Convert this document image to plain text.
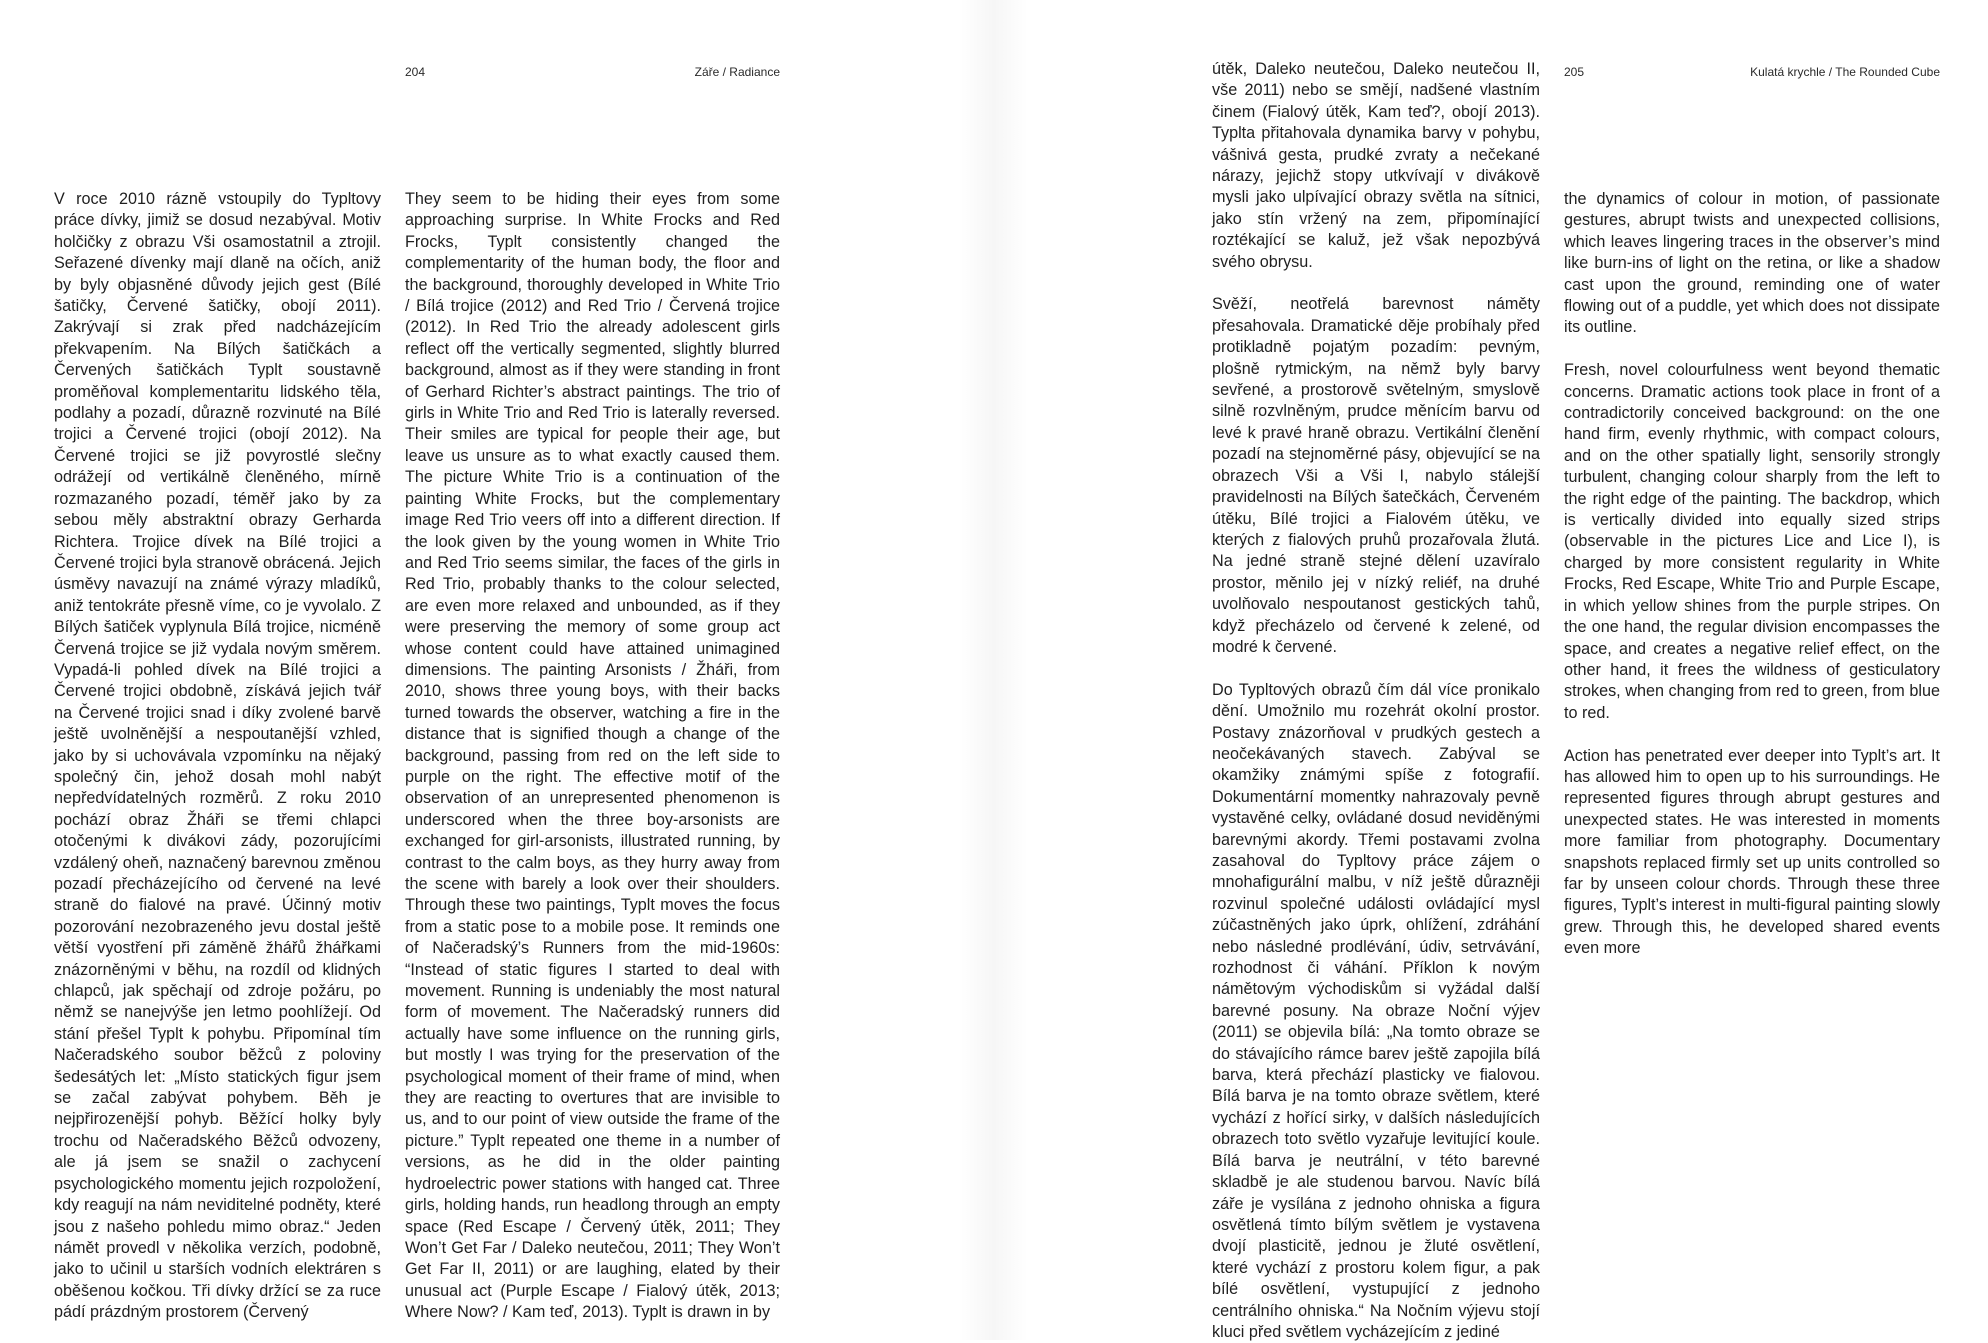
204	Záře / Radiance

V roce 2010 rázně vstoupily do Typltovy práce dívky, jimiž se dosud nezabýval. Motiv holčičky z obrazu Vši osamostatnil a ztrojil. Seřazené dívenky mají dlaně na očích, aniž by byly objasněné důvody jejich gest (Bílé šatičky, Červené šatičky, obojí 2011). Zakrývají si zrak před nadcházejícím překvapením. Na Bílých šatičkách a Červených šatičkách Typlt soustavně proměňoval komplementaritu lidského těla, podlahy a pozadí, důrazně rozvinuté na Bílé trojici a Červené trojici (obojí 2012). Na Červené trojici se již povyrostlé slečny odrážejí od vertikálně členěného, mírně rozmazaného pozadí, téměř jako by za sebou měly abstraktní obrazy Gerharda Richtera. Trojice dívek na Bílé trojici a Červené trojici byla stranově obrácená. Jejich úsměvy navazují na známé výrazy mladíků, aniž tentokráte přesně víme, co je vyvolalo. Z Bílých šatiček vyplynula Bílá trojice, nicméně Červená trojice se již vydala novým směrem. Vypadá-li pohled dívek na Bílé trojici a Červené trojici obdobně, získává jejich tvář na Červené trojici snad i díky zvolené barvě ještě uvolněnější a nespoutanější vzhled, jako by si uchovávala vzpomínku na nějaký společný čin, jehož dosah mohl nabýt nepředvídatelných rozměrů. Z roku 2010 pochází obraz Žháři se třemi chlapci otočenými k divákovi zády, pozorujícími vzdálený oheň, naznačený barevnou změnou pozadí přecházejícího od červené na levé straně do fialové na pravé. Účinný motiv pozorování nezobrazeného jevu dostal ještě větší vyostření při záměně žhářů žhářkami znázorněnými v běhu, na rozdíl od klidných chlapců, jak spěchají od zdroje požáru, po němž se nanejvýše jen letmo poohlížejí. Od stání přešel Typlt k pohybu. Připomínal tím Načeradského soubor běžců z poloviny šedesátých let: „Místo statických figur jsem se začal zabývat pohybem. Běh je nejpřirozenější pohyb. Běžící holky byly trochu od Načeradského Běžců odvozeny, ale já jsem se snažil o zachycení psychologického momentu jejich rozpoložení, kdy reagují na nám neviditelné podněty, které jsou z našeho pohledu mimo obraz.“ Jeden námět provedl v několika verzích, podobně, jako to učinil u starších vodních elektráren s oběšenou kočkou. Tři dívky držící se za ruce pádí prázdným prostorem (Červený

They seem to be hiding their eyes from some approaching surprise. In White Frocks and Red Frocks, Typlt consistently changed the complementarity of the human body, the floor and the background, thoroughly developed in White Trio / Bílá trojice (2012) and Red Trio / Červená trojice (2012). In Red Trio the already adolescent girls reflect off the vertically segmented, slightly blurred background, almost as if they were standing in front of Gerhard Richter’s abstract paintings. The trio of girls in White Trio and Red Trio is laterally reversed. Their smiles are typical for people their age, but leave us unsure as to what exactly caused them. The picture White Trio is a continuation of the painting White Frocks, but the complementary image Red Trio veers off into a different direction. If the look given by the young women in White Trio and Red Trio seems similar, the faces of the girls in Red Trio, probably thanks to the colour selected, are even more relaxed and unbounded, as if they were preserving the memory of some group act whose content could have attained unimagined dimensions. The painting Arsonists / Žháři, from 2010, shows three young boys, with their backs turned towards the observer, watching a fire in the distance that is signified though a change of the background, passing from red on the left side to purple on the right. The effective motif of the observation of an unrepresented phenomenon is underscored when the three boy-arsonists are exchanged for girl-arsonists, illustrated running, by contrast to the calm boys, as they hurry away from the scene with barely a look over their shoulders. Through these two paintings, Typlt moves the focus from a static pose to a mobile pose. It reminds one of Načeradský’s Runners from the mid-1960s: “Instead of static figures I started to deal with movement. Running is undeniably the most natural form of movement. The Načeradský runners did actually have some influence on the running girls, but mostly I was trying for the preservation of the psychological moment of their frame of mind, when they are reacting to overtures that are invisible to us, and to our point of view outside the frame of the picture.” Typlt repeated one theme in a number of versions, as he did in the older painting hydroelectric power stations with hanged cat. Three girls, holding hands, run headlong through an empty space (Red Escape / Červený útěk, 2011; They Won’t Get Far / Daleko neutečou, 2011; They Won’t Get Far II, 2011) or are laughing, elated by their unusual act (Purple Escape / Fialový útěk, 2013; Where Now? / Kam teď, 2013). Typlt is drawn in by

205	Kulatá krychle / The Rounded Cube

útěk, Daleko neutečou, Daleko neutečou II, vše 2011) nebo se smějí, nadšené vlastním činem (Fialový útěk, Kam teď?, obojí 2013). Typlta přitahovala dynamika barvy v pohybu, vášnivá gesta, prudké zvraty a nečekané nárazy, jejichž stopy utkvívají v divákově mysli jako ulpívající obrazy světla na sítnici, jako stín vržený na zem, připomínající roztékající se kaluž, jež však nepozbývá svého obrysu.

Svěží, neotřelá barevnost náměty přesahovala. Dramatické děje probíhaly před protikladně pojatým pozadím: pevným, plošně rytmickým, na němž byly barvy sevřené, a prostorově světelným, smyslově silně rozvlněným, prudce měnícím barvu od levé k pravé hraně obrazu. Vertikální členění pozadí na stejnoměrné pásy, objevující se na obrazech Vši a Vši I, nabylo stálejší pravidelnosti na Bílých šatečkách, Červeném útěku, Bílé trojici a Fialovém útěku, ve kterých z fialových pruhů prozařovala žlutá. Na jedné straně stejné dělení uzavíralo prostor, měnilo jej v nízký reliéf, na druhé uvolňovalo nespoutanost gestických tahů, když přecházelo od červené k zelené, od modré k červené.

Do Typltových obrazů čím dál více pronikalo dění. Umožnilo mu rozehrát okolní prostor. Postavy znázorňoval v prudkých gestech a neočekávaných stavech. Zabýval se okamžiky známými spíše z fotografií. Dokumentární momentky nahrazovaly pevně vystavěné celky, ovládané dosud neviděnými barevnými akordy. Třemi postavami zvolna zasahoval do Typltovy práce zájem o mnohafigurální malbu, v níž ještě důrazněji rozvinul společné události ovládající mysl zúčastněných jako úprk, ohlížení, zdráhání nebo následné prodlévání, údiv, setrvávání, rozhodnost či váhání. Příklon k novým námětovým východiskům si vyžádal další barevné posuny. Na obraze Noční výjev (2011) se objevila bílá: „Na tomto obraze se do stávajícího rámce barev ještě zapojila bílá barva, která přechází plasticky ve fialovou. Bílá barva je na tomto obraze světlem, které vychází z hořící sirky, v dalších následujících obrazech toto světlo vyzařuje levitující koule. Bílá barva je neutrální, v této barevné skladbě je ale studenou barvou. Navíc bílá záře je vysílána z jednoho ohniska a figura osvětlená tímto bílým světlem je vystavena dvojí plasticitě, jednou je žluté osvětlení, které vychází z prostoru kolem figur, a pak bílé osvětlení, vystupující z jednoho centrálního ohniska.“ Na Nočním výjevu stojí kluci před světlem vycházejícím z jediné

the dynamics of colour in motion, of passionate gestures, abrupt twists and unexpected collisions, which leaves lingering traces in the observer’s mind like burn-ins of light on the retina, or like a shadow cast upon the ground, reminding one of water flowing out of a puddle, yet which does not dissipate its outline.

Fresh, novel colourfulness went beyond thematic concerns. Dramatic actions took place in front of a contradictorily conceived background: on the one hand firm, evenly rhythmic, with compact colours, and on the other spatially light, sensorily strongly turbulent, changing colour sharply from the left to the right edge of the painting. The backdrop, which is vertically divided into equally sized strips (observable in the pictures Lice and Lice I), is charged by more consistent regularity in White Frocks, Red Escape, White Trio and Purple Escape, in which yellow shines from the purple stripes. On the one hand, the regular division encompasses the space, and creates a negative relief effect, on the other hand, it frees the wildness of gesticulatory strokes, when changing from red to green, from blue to red.

Action has penetrated ever deeper into Typlt’s art. It has allowed him to open up to his surroundings. He represented figures through abrupt gestures and unexpected states. He was interested in moments more familiar from photography. Documentary snapshots replaced firmly set up units controlled so far by unseen colour chords. Through these three figures, Typlt’s interest in multi-figural painting slowly grew. Through this, he developed shared events even more
